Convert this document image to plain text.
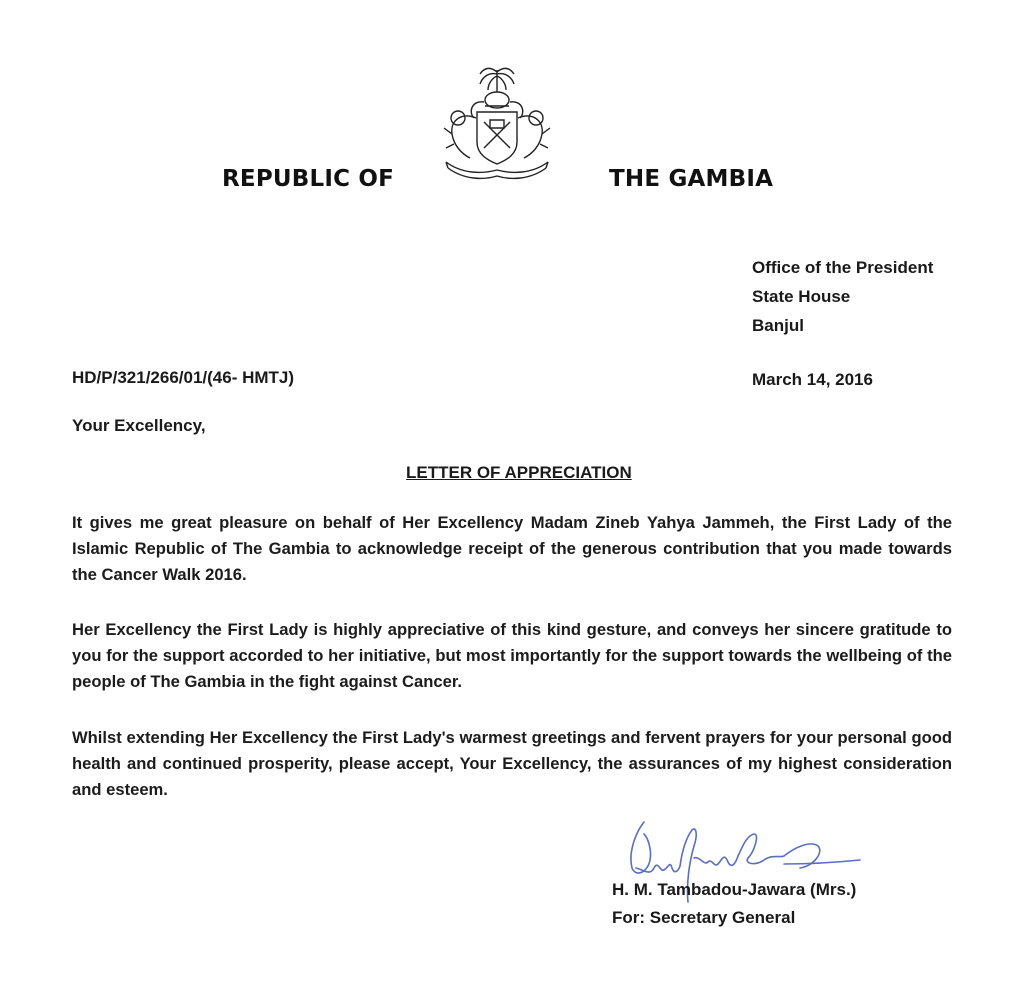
REPUBLIC OF	THE GAMBIA
Office of the President
State House
Banjul
HD/P/321/266/01/(46- HMTJ)	March 14, 2016
Your Excellency,
LETTER OF APPRECIATION
It gives me great pleasure on behalf of Her Excellency Madam Zineb Yahya Jammeh, the First Lady of the Islamic Republic of The Gambia to acknowledge receipt of the generous contribution that you made towards the Cancer Walk 2016.
Her Excellency the First Lady is highly appreciative of this kind gesture, and conveys her sincere gratitude to you for the support accorded to her initiative, but most importantly for the support towards the wellbeing of the people of The Gambia in the fight against Cancer.
Whilst extending Her Excellency the First Lady's warmest greetings and fervent prayers for your personal good health and continued prosperity, please accept, Your Excellency, the assurances of my highest consideration and esteem.
H. M. Tambadou-Jawara (Mrs.)
For: Secretary General
